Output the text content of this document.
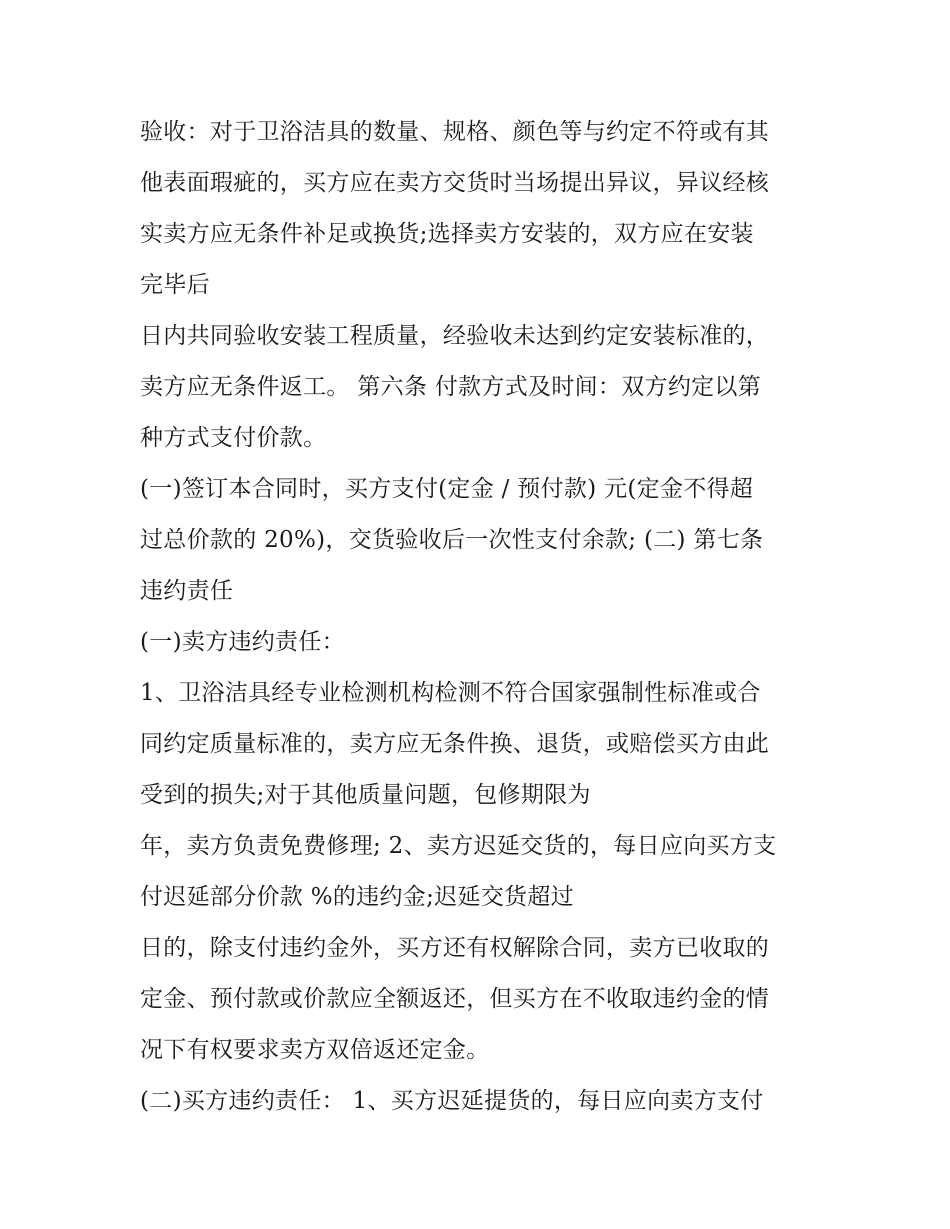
验收：对于卫浴洁具的数量、规格、颜色等与约定不符或有其
他表面瑕疵的，买方应在卖方交货时当场提出异议，异议经核
实卖方应无条件补足或换货;选择卖方安装的，双方应在安装
完毕后
日内共同验收安装工程质量，经验收未达到约定安装标准的，
卖方应无条件返工。 第六条 付款方式及时间：双方约定以第
种方式支付价款。
(一)签订本合同时，买方支付(定金 / 预付款) 元(定金不得超
过总价款的 20%)，交货验收后一次性支付余款; (二) 第七条
违约责任
(一)卖方违约责任：
1、卫浴洁具经专业检测机构检测不符合国家强制性标准或合
同约定质量标准的，卖方应无条件换、退货，或赔偿买方由此
受到的损失;对于其他质量问题，包修期限为
年，卖方负责免费修理; 2、卖方迟延交货的，每日应向买方支
付迟延部分价款 %的违约金;迟延交货超过
日的，除支付违约金外，买方还有权解除合同，卖方已收取的
定金、预付款或价款应全额返还，但买方在不收取违约金的情
况下有权要求卖方双倍返还定金。
(二)买方违约责任： 1、买方迟延提货的，每日应向卖方支付
